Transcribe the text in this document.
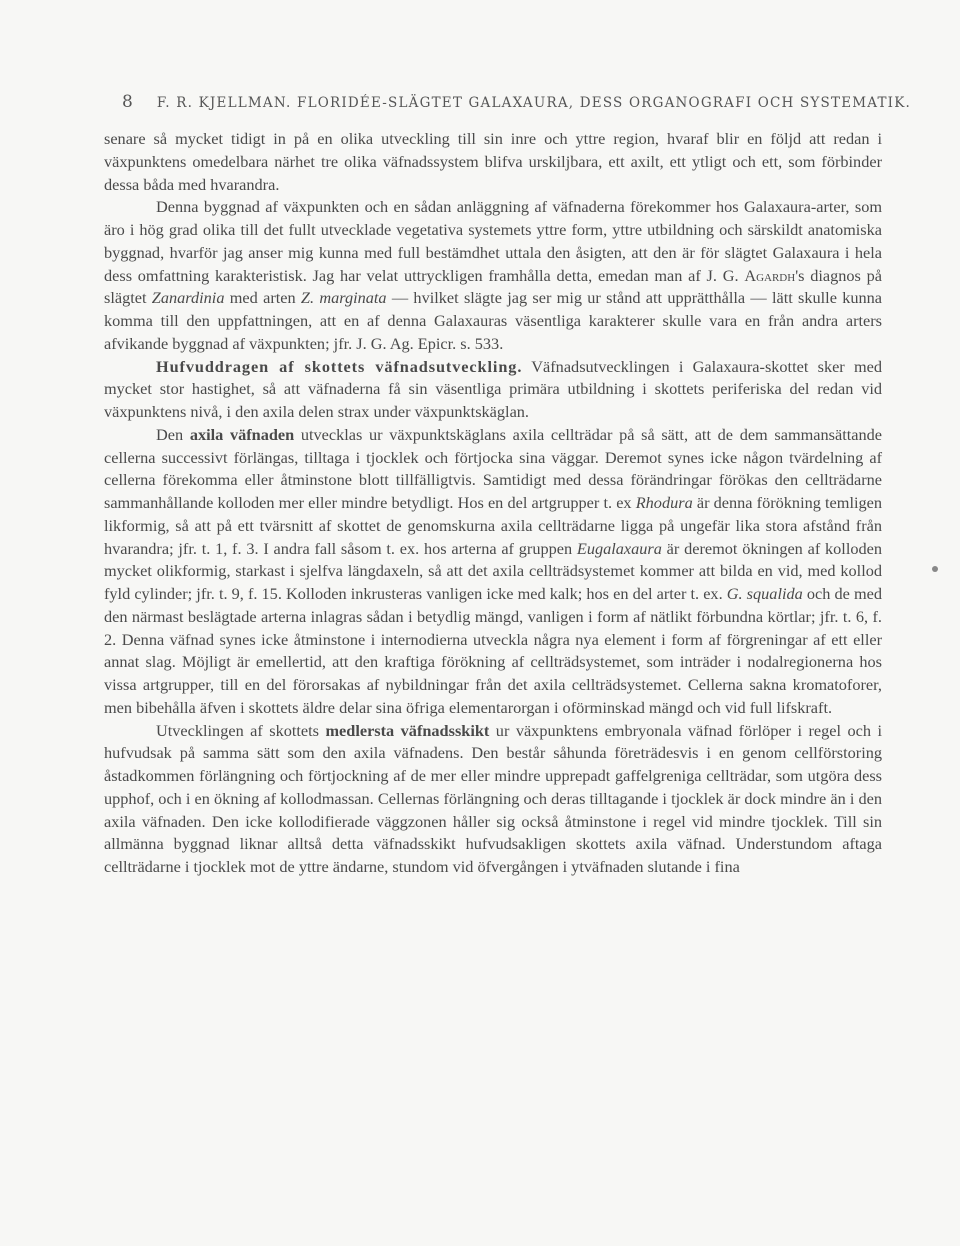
8 F. R. KJELLMAN. FLORIDÉE-SLÄGTET GALAXAURA, DESS ORGANOGRAFI OCH SYSTEMATIK.

senare så mycket tidigt in på en olika utveckling till sin inre och yttre region, hvaraf blir en följd att redan i växpunktens omedelbara närhet tre olika väfnadssystem blifva urskiljbara, ett axilt, ett ytligt och ett, som förbinder dessa båda med hvarandra.

Denna byggnad af växpunkten och en sådan anläggning af väfnaderna förekommer hos Galaxaura-arter, som äro i hög grad olika till det fullt utvecklade vegetativa systemets yttre form, yttre utbildning och särskildt anatomiska byggnad, hvarför jag anser mig kunna med full bestämdhet uttala den åsigten, att den är för slägtet Galaxaura i hela dess omfattning karakteristisk. Jag har velat uttryckligen framhålla detta, emedan man af J. G. Agardh's diagnos på slägtet Zanardinia med arten Z. marginata — hvilket slägte jag ser mig ur stånd att upprätthålla — lätt skulle kunna komma till den uppfattningen, att en af denna Galaxauras väsentliga karakterer skulle vara en från andra arters afvikande byggnad af växpunkten; jfr. J. G. Ag. Epicr. s. 533.

Hufvuddragen af skottets väfnadsutveckling. Väfnadsutvecklingen i Galaxaura-skottet sker med mycket stor hastighet, så att väfnaderna få sin väsentliga primära utbildning i skottets periferiska del redan vid växpunktens nivå, i den axila delen strax under växpunktskäglan.

Den axila väfnaden utvecklas ur växpunktskäglans axila cellträdar på så sätt, att de dem sammansättande cellerna successivt förlängas, tilltaga i tjocklek och förtjocka sina väggar. Deremot synes icke någon tvärdelning af cellerna förekomma eller åtminstone blott tillfälligtvis. Samtidigt med dessa förändringar förökas den cellträdarne sammanhållande kolloden mer eller mindre betydligt. Hos en del artgrupper t. ex Rhodura är denna förökning temligen likformig, så att på ett tvärsnitt af skottet de genomskurna axila cellträdarne ligga på ungefär lika stora afstånd från hvarandra; jfr. t. 1, f. 3. I andra fall såsom t. ex. hos arterna af gruppen Eugalaxaura är deremot ökningen af kolloden mycket olikformig, starkast i sjelfva längdaxeln, så att det axila cellträdsystemet kommer att bilda en vid, med kollod fyld cylinder; jfr. t. 9, f. 15. Kolloden inkrusteras vanligen icke med kalk; hos en del arter t. ex. G. squalida och de med den närmast beslägtade arterna inlagras sådan i betydlig mängd, vanligen i form af nätlikt förbundna körtlar; jfr. t. 6, f. 2. Denna väfnad synes icke åtminstone i internodierna utveckla några nya element i form af förgreningar af ett eller annat slag. Möjligt är emellertid, att den kraftiga förökning af cellträdsystemet, som inträder i nodalregionerna hos vissa artgrupper, till en del förorsakas af nybildningar från det axila cellträdsystemet. Cellerna sakna kromatoforer, men bibehålla äfven i skottets äldre delar sina öfriga elementarorgan i oförminskad mängd och vid full lifskraft.

Utvecklingen af skottets medlersta väfnadsskikt ur växpunktens embryonala väfnad förlöper i regel och i hufvudsak på samma sätt som den axila väfnadens. Den består såhunda företrädesvis i en genom cellförstoring åstadkommen förlängning och förtjockning af de mer eller mindre upprepadt gaffelgreniga cellträdar, som utgöra dess upphof, och i en ökning af kollodmassan. Cellernas förlängning och deras tilltagande i tjocklek är dock mindre än i den axila väfnaden. Den icke kollodifierade väggzonen håller sig också åtminstone i regel vid mindre tjocklek. Till sin allmänna byggnad liknar alltså detta väfnadsskikt hufvudsakligen skottets axila väfnad. Understundom aftaga cellträdarne i tjocklek mot de yttre ändarne, stundom vid öfvergången i ytväfnaden slutande i fina
